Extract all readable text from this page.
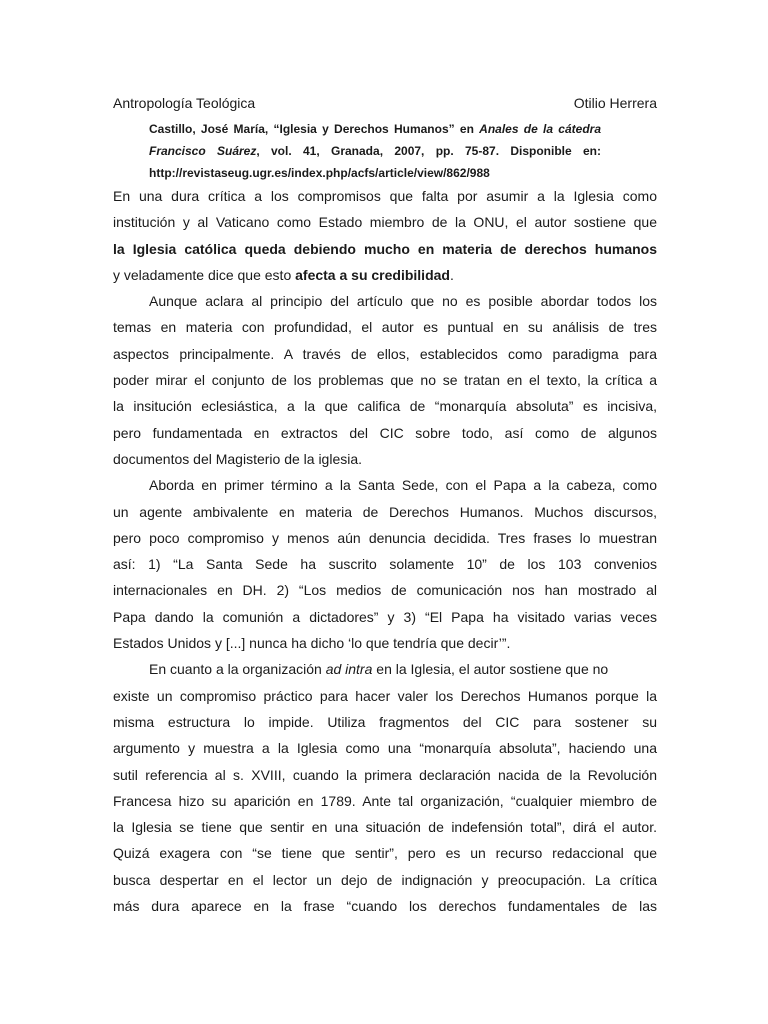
Antropología Teológica	Otilio Herrera
Castillo, José María, “Iglesia y Derechos Humanos” en Anales de la cátedra
Francisco Suárez, vol. 41, Granada, 2007, pp. 75-87. Disponible en:
http://revistaseug.ugr.es/index.php/acfs/article/view/862/988
En una dura crítica a los compromisos que falta por asumir a la Iglesia como
institución y al Vaticano como Estado miembro de la ONU, el autor sostiene que
la Iglesia católica queda debiendo mucho en materia de derechos humanos
y veladamente dice que esto afecta a su credibilidad.
Aunque aclara al principio del artículo que no es posible abordar todos los
temas en materia con profundidad, el autor es puntual en su análisis de tres
aspectos principalmente. A través de ellos, establecidos como paradigma para
poder mirar el conjunto de los problemas que no se tratan en el texto, la crítica a
la insitución eclesiástica, a la que califica de “monarquía absoluta” es incisiva,
pero fundamentada en extractos del CIC sobre todo, así como de algunos
documentos del Magisterio de la iglesia.
Aborda en primer término a la Santa Sede, con el Papa a la cabeza, como
un agente ambivalente en materia de Derechos Humanos. Muchos discursos,
pero poco compromiso y menos aún denuncia decidida. Tres frases lo muestran
así: 1) “La Santa Sede ha suscrito solamente 10” de los 103 convenios
internacionales en DH. 2) “Los medios de comunicación nos han mostrado al
Papa dando la comunión a dictadores” y 3) “El Papa ha visitado varias veces
Estados Unidos y [...] nunca ha dicho ‘lo que tendría que decir’”.
En cuanto a la organización ad intra en la Iglesia, el autor sostiene que no
existe un compromiso práctico para hacer valer los Derechos Humanos porque la
misma estructura lo impide. Utiliza fragmentos del CIC para sostener su
argumento y muestra a la Iglesia como una “monarquía absoluta”, haciendo una
sutil referencia al s. XVIII, cuando la primera declaración nacida de la Revolución
Francesa hizo su aparición en 1789. Ante tal organización, “cualquier miembro de
la Iglesia se tiene que sentir en una situación de indefensión total”, dirá el autor.
Quizá exagera con “se tiene que sentir”, pero es un recurso redaccional que
busca despertar en el lector un dejo de indignación y preocupación. La crítica
más dura aparece en la frase “cuando los derechos fundamentales de las
